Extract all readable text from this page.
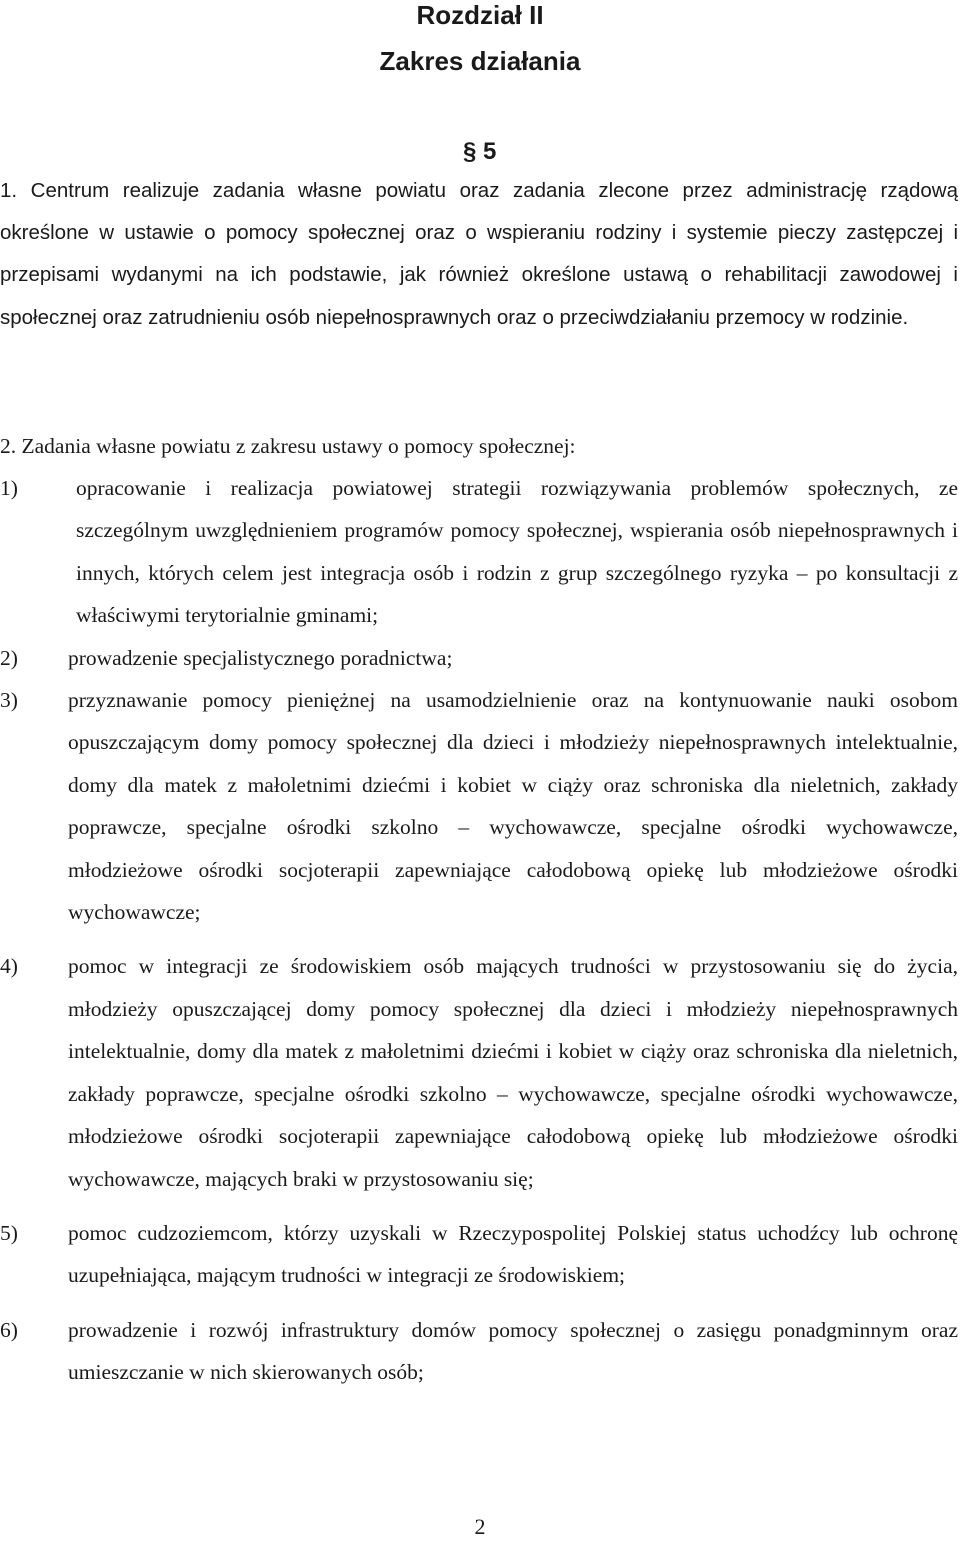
Rozdział II
Zakres działania

§ 5

1. Centrum realizuje zadania własne powiatu oraz zadania zlecone przez administrację rządową określone w ustawie o pomocy społecznej oraz o wspieraniu rodziny i systemie pieczy zastępczej i przepisami wydanymi na ich podstawie, jak również określone ustawą o rehabilitacji zawodowej i społecznej oraz zatrudnieniu osób niepełnosprawnych oraz o przeciwdziałaniu przemocy w rodzinie.

2. Zadania własne powiatu z zakresu ustawy o pomocy społecznej:

1)	opracowanie i realizacja powiatowej strategii rozwiązywania problemów społecznych, ze szczególnym uwzględnieniem programów pomocy społecznej, wspierania osób niepełnosprawnych i innych, których celem jest integracja osób i rodzin z grup szczególnego ryzyka – po konsultacji z właściwymi terytorialnie gminami;
2) prowadzenie specjalistycznego poradnictwa;
3) przyznawanie pomocy pieniężnej na usamodzielnienie oraz na kontynuowanie nauki osobom opuszczającym domy pomocy społecznej dla dzieci i młodzieży niepełnosprawnych intelektualnie, domy dla matek z małoletnimi dziećmi i kobiet w ciąży oraz schroniska dla nieletnich, zakłady poprawcze, specjalne ośrodki szkolno – wychowawcze, specjalne ośrodki wychowawcze, młodzieżowe ośrodki socjoterapii zapewniające całodobową opiekę lub młodzieżowe ośrodki wychowawcze;
4) pomoc w integracji ze środowiskiem osób mających trudności w przystosowaniu się do życia, młodzieży opuszczającej domy pomocy społecznej dla dzieci i młodzieży niepełnosprawnych intelektualnie, domy dla matek z małoletnimi dziećmi i kobiet w ciąży oraz schroniska dla nieletnich, zakłady poprawcze, specjalne ośrodki szkolno – wychowawcze, specjalne ośrodki wychowawcze, młodzieżowe ośrodki socjoterapii zapewniające całodobową opiekę lub młodzieżowe ośrodki wychowawcze, mających braki w przystosowaniu się;
5) pomoc cudzoziemcom, którzy uzyskali w Rzeczypospolitej Polskiej status uchodźcy lub ochronę uzupełniająca, mającym trudności w integracji ze środowiskiem;
6) prowadzenie i rozwój infrastruktury domów pomocy społecznej o zasięgu ponadgminnym oraz umieszczanie w nich skierowanych osób;

2
